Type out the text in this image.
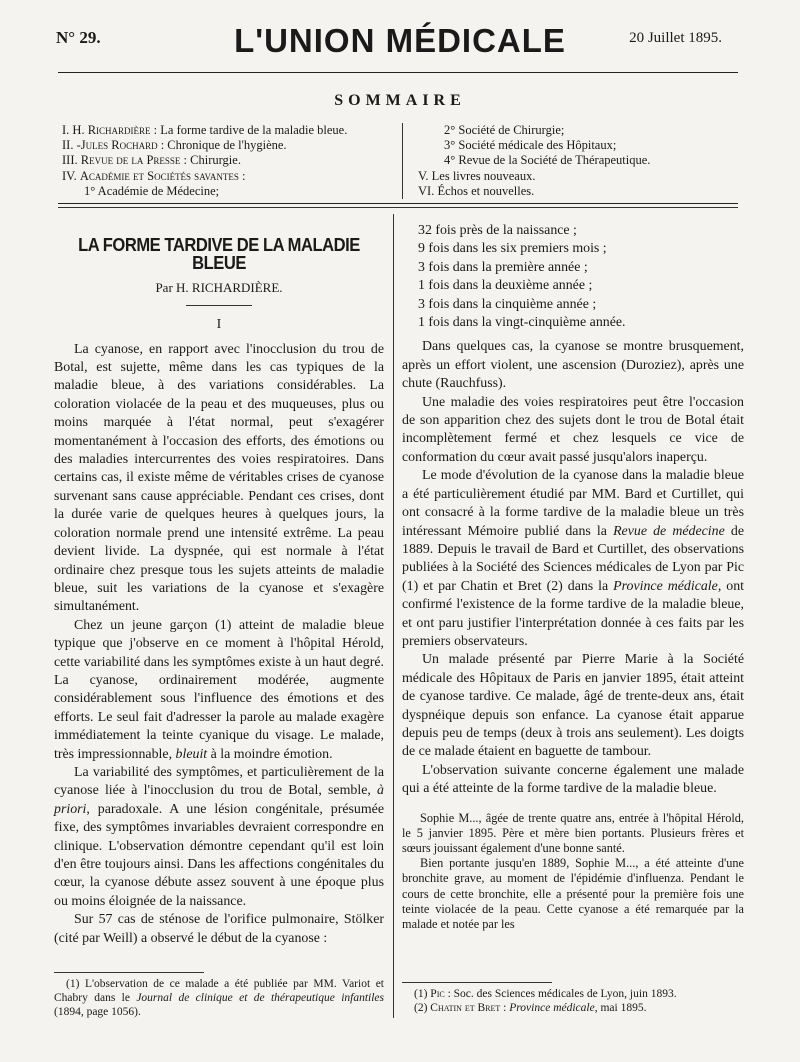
N° 29.	L'UNION MÉDICALE	20 Juillet 1895.
SOMMAIRE
I. H. Richardière : La forme tardive de la maladie bleue.
II. -Jules Rochard : Chronique de l'hygiène.
III. Revue de la Presse : Chirurgie.
IV. Académie et Sociétés savantes :
1° Académie de Médecine;
2° Société de Chirurgie;
3° Société médicale des Hôpitaux;
4° Revue de la Société de Thérapeutique.
V. Les livres nouveaux.
VI. Échos et nouvelles.
LA FORME TARDIVE DE LA MALADIE BLEUE
Par H. RICHARDIÈRE.
I

La cyanose, en rapport avec l'inocclusion du trou de Botal, est sujette, même dans les cas typiques de la maladie bleue, à des variations considérables. La coloration violacée de la peau et des muqueuses, plus ou moins marquée à l'état normal, peut s'exagérer momentanément à l'occasion des efforts, des émotions ou des maladies intercurrentes des voies respiratoires. Dans certains cas, il existe même de véritables crises de cyanose survenant sans cause appréciable. Pendant ces crises, dont la durée varie de quelques heures à quelques jours, la coloration normale prend une intensité extrême. La peau devient livide. La dyspnée, qui est normale à l'état ordinaire chez presque tous les sujets atteints de maladie bleue, suit les variations de la cyanose et s'exagère simultanément.

Chez un jeune garçon (1) atteint de maladie bleue typique que j'observe en ce moment à l'hôpital Hérold, cette variabilité dans les symptômes existe à un haut degré. La cyanose, ordinairement modérée, augmente considérablement sous l'influence des émotions et des efforts. Le seul fait d'adresser la parole au malade exagère immédiatement la teinte cyanique du visage. Le malade, très impressionnable, bleuit à la moindre émotion.

La variabilité des symptômes, et particulièrement de la cyanose liée à l'inocclusion du trou de Botal, semble, à priori, paradoxale. A une lésion congénitale, présumée fixe, des symptômes invariables devraient correspondre en clinique. L'observation démontre cependant qu'il est loin d'en être toujours ainsi. Dans les affections congénitales du cœur, la cyanose débute assez souvent à une époque plus ou moins éloignée de la naissance.

Sur 57 cas de sténose de l'orifice pulmonaire, Stölker (cité par Weill) a observé le début de la cyanose :

(1) L'observation de ce malade a été publiée par MM. Variot et Chabry dans le Journal de clinique et de thérapeutique infantiles (1894, page 1056).

32 fois près de la naissance ;
9 fois dans les six premiers mois ;
3 fois dans la première année ;
1 fois dans la deuxième année ;
3 fois dans la cinquième année ;
1 fois dans la vingt-cinquième année.

Dans quelques cas, la cyanose se montre brusquement, après un effort violent, une ascension (Duroziez), après une chute (Rauchfuss).

Une maladie des voies respiratoires peut être l'occasion de son apparition chez des sujets dont le trou de Botal était incomplètement fermé et chez lesquels ce vice de conformation du cœur avait passé jusqu'alors inaperçu.

Le mode d'évolution de la cyanose dans la maladie bleue a été particulièrement étudié par MM. Bard et Curtillet, qui ont consacré à la forme tardive de la maladie bleue un très intéressant Mémoire publié dans la Revue de médecine de 1889. Depuis le travail de Bard et Curtillet, des observations publiées à la Société des Sciences médicales de Lyon par Pic (1) et par Chatin et Bret (2) dans la Province médicale, ont confirmé l'existence de la forme tardive de la maladie bleue, et ont paru justifier l'interprétation donnée à ces faits par les premiers observateurs.

Un malade présenté par Pierre Marie à la Société médicale des Hôpitaux de Paris en janvier 1895, était atteint de cyanose tardive. Ce malade, âgé de trente-deux ans, était dyspnéique depuis son enfance. La cyanose était apparue depuis peu de temps (deux à trois ans seulement). Les doigts de ce malade étaient en baguette de tambour.

L'observation suivante concerne également une malade qui a été atteinte de la forme tardive de la maladie bleue.

Sophie M..., âgée de trente quatre ans, entrée à l'hôpital Hérold, le 5 janvier 1895. Père et mère bien portants. Plusieurs frères et sœurs jouissant également d'une bonne santé.

Bien portante jusqu'en 1889, Sophie M..., a été atteinte d'une bronchite grave, au moment de l'épidémie d'influenza. Pendant le cours de cette bronchite, elle a présenté pour la première fois une teinte violacée de la peau. Cette cyanose a été remarquée par la malade et notée par les

(1) Pic : Soc. des Sciences médicales de Lyon, juin 1893.

(2) Chatin et Bret : Province médicale, mai 1895.
